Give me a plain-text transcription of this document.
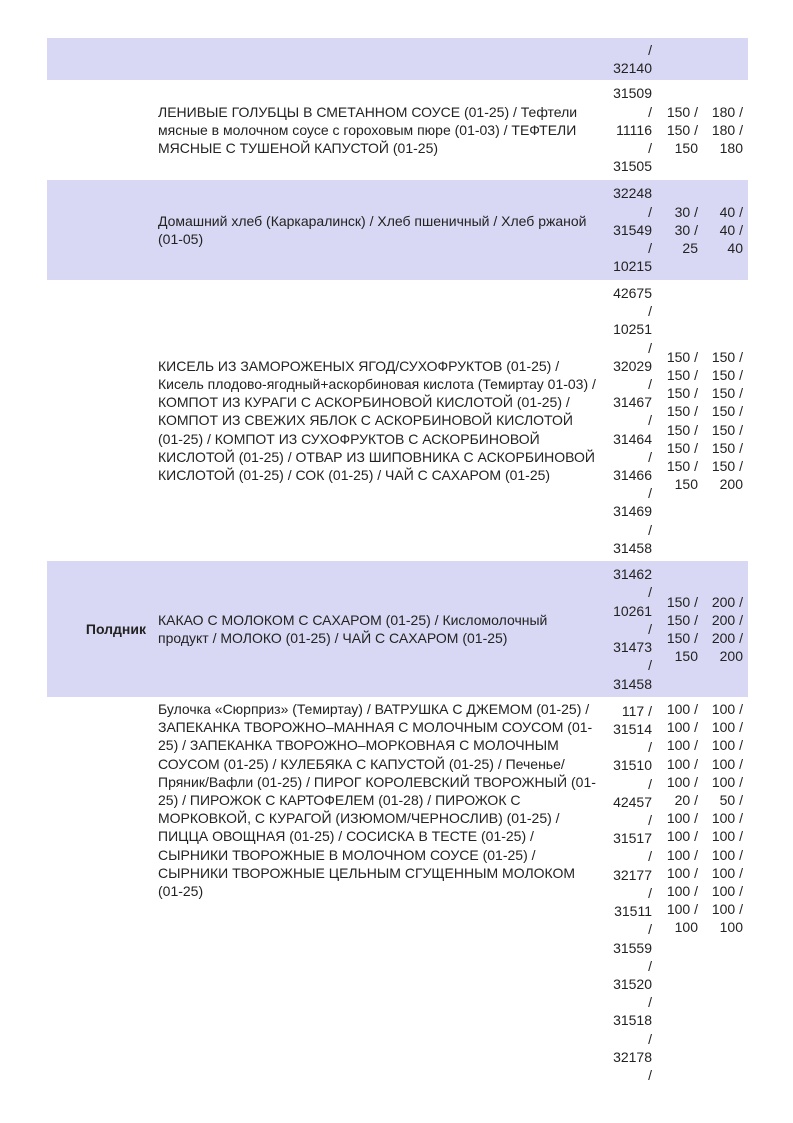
/
32140
ЛЕНИВЫЕ ГОЛУБЦЫ В СМЕТАННОМ СОУСЕ (01-25) / Тефтели мясные в молочном соусе с гороховым пюре (01-03) / ТЕФТЕЛИ МЯСНЫЕ С ТУШЕНОЙ КАПУСТОЙ (01-25)
31509
/
11116
/
31505
150 /
150 /
150
180 /
180 /
180
Домашний хлеб (Каркаралинск) / Хлеб пшеничный / Хлеб ржаной (01-05)
32248
/
31549
/
10215
30 /
30 /
25
40 /
40 /
40
КИСЕЛЬ ИЗ ЗАМОРОЖЕНЫХ ЯГОД/СУХОФРУКТОВ (01-25) / Кисель плодово-ягодный+аскорбиновая кислота (Темиртау 01-03) / КОМПОТ ИЗ КУРАГИ С АСКОРБИНОВОЙ КИСЛОТОЙ (01-25) / КОМПОТ ИЗ СВЕЖИХ ЯБЛОК С АСКОРБИНОВОЙ КИСЛОТОЙ (01-25) / КОМПОТ ИЗ СУХОФРУКТОВ С АСКОРБИНОВОЙ КИСЛОТОЙ (01-25) / ОТВАР ИЗ ШИПОВНИКА С АСКОРБИНОВОЙ КИСЛОТОЙ (01-25) / СОК (01-25) / ЧАЙ С САХАРОМ (01-25)
42675
/
10251
/
32029
/
31467
/
31464
/
31466
/
31469
/
31458
150 /
150 /
150 /
150 /
150 /
150 /
150 /
150
150 /
150 /
150 /
150 /
150 /
150 /
150 /
200
Полдник
КАКАО С МОЛОКОМ С САХАРОМ (01-25) / Кисломолочный продукт / МОЛОКО (01-25) / ЧАЙ С САХАРОМ (01-25)
31462
/
10261
/
31473
/
31458
150 /
150 /
150 /
150
200 /
200 /
200 /
200
Булочка «Сюрприз» (Темиртау) / ВАТРУШКА С ДЖЕМОМ (01-25) / ЗАПЕКАНКА ТВОРОЖНО–МАННАЯ С МОЛОЧНЫМ СОУСОМ (01-25) / ЗАПЕКАНКА ТВОРОЖНО–МОРКОВНАЯ С МОЛОЧНЫМ СОУСОМ (01-25) / КУЛЕБЯКА С КАПУСТОЙ (01-25) / Печенье/Пряник/Вафли (01-25) / ПИРОГ КОРОЛЕВСКИЙ ТВОРОЖНЫЙ (01-25) / ПИРОЖОК С КАРТОФЕЛЕМ (01-28) / ПИРОЖОК С МОРКОВКОЙ, С КУРАГОЙ (ИЗЮМОМ/ЧЕРНОСЛИВ) (01-25) / ПИЦЦА ОВОЩНАЯ (01-25) / СОСИСКА В ТЕСТЕ (01-25) / СЫРНИКИ ТВОРОЖНЫЕ В МОЛОЧНОМ СОУСЕ (01-25) / СЫРНИКИ ТВОРОЖНЫЕ ЦЕЛЬНЫМ СГУЩЕННЫМ МОЛОКОМ (01-25)
117 /
31514
/
31510
/
42457
/
31517
/
32177
/
31511
/
31559
/
31520
/
31518
/
32178
/
100 /
100 /
100 /
100 /
100 /
20 /
100 /
100 /
100 /
100 /
100 /
100 /
100
100 /
100 /
100 /
100 /
100 /
50 /
100 /
100 /
100 /
100 /
100 /
100 /
100
